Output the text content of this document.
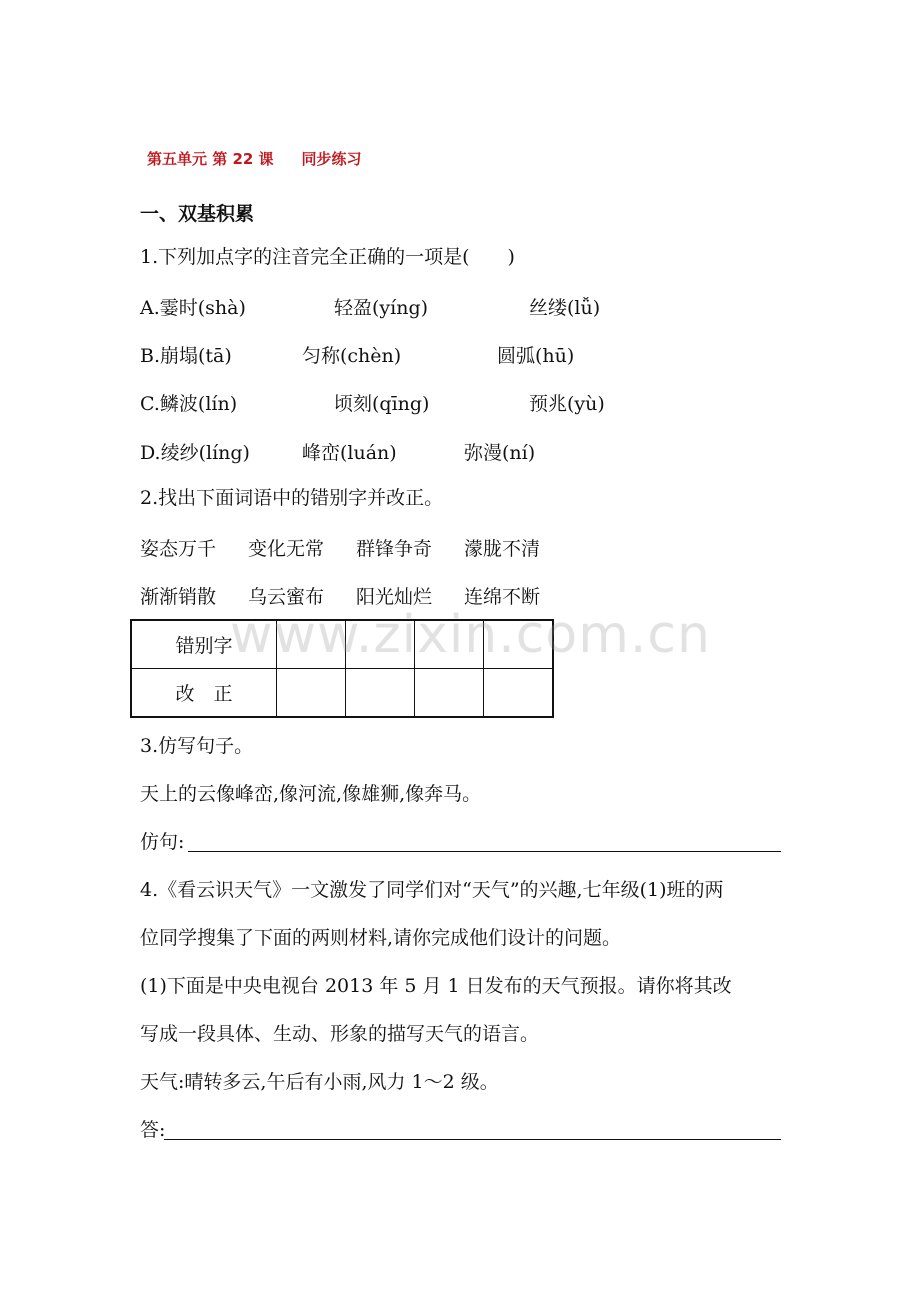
第五单元 第 22 课 同步练习
一、双基积累
1.下列加点字的注音完全正确的一项是(　　)
A.霎时(shà)	轻盈(yíng)	丝缕(lǚ)
B.崩塌(tā)	匀称(chèn)	圆弧(hū)
C.鳞波(lín)	顷刻(qīng)	预兆(yù)
D.绫纱(líng)	峰峦(luán)	弥漫(ní)
2.找出下面词语中的错别字并改正。
姿态万千 变化无常 群锋争奇 濛胧不清
渐渐销散 乌云蜜布 阳光灿烂 连绵不断
错别字				
改　正				
www.zixin.com.cn
3.仿写句子。
天上的云像峰峦,像河流,像雄狮,像奔马。
仿句:
4.《看云识天气》一文激发了同学们对“天气”的兴趣,七年级(1)班的两
位同学搜集了下面的两则材料,请你完成他们设计的问题。
(1)下面是中央电视台 2013 年 5 月 1 日发布的天气预报。请你将其改
写成一段具体、生动、形象的描写天气的语言。
天气:晴转多云,午后有小雨,风力 1～2 级。
答:
